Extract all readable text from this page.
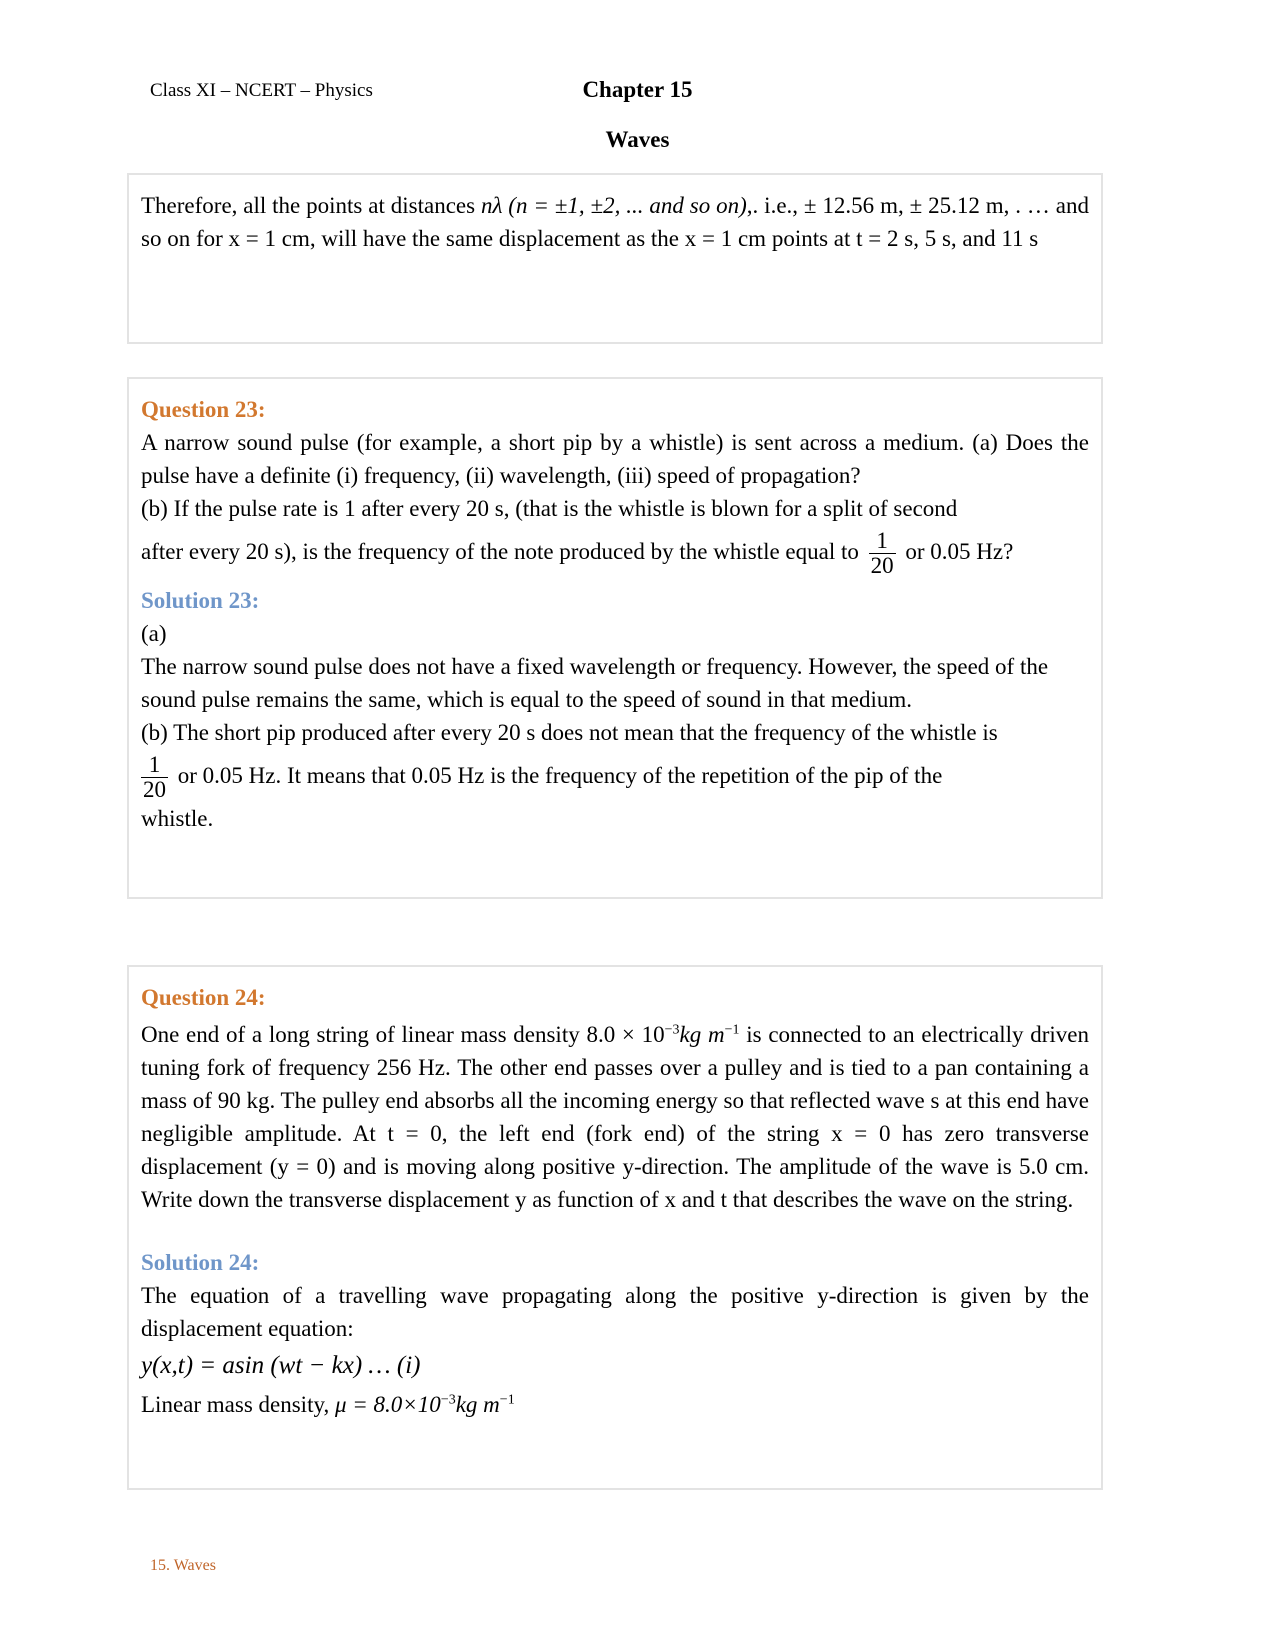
Class XI – NCERT – Physics	Chapter 15
Waves
Therefore, all the points at distances nλ (n = ±1, ±2, ... and so on),. i.e., ± 12.56 m, ± 25.12 m, . … and so on for x = 1 cm, will have the same displacement as the x = 1 cm points at t = 2 s, 5 s, and 11 s
Question 23:
A narrow sound pulse (for example, a short pip by a whistle) is sent across a medium. (a) Does the pulse have a definite (i) frequency, (ii) wavelength, (iii) speed of propagation?
(b) If the pulse rate is 1 after every 20 s, (that is the whistle is blown for a split of second
after every 20 s), is the frequency of the note produced by the whistle equal to $\frac{1}{20}$ or 0.05 Hz?
Solution 23:
(a)
The narrow sound pulse does not have a fixed wavelength or frequency. However, the speed of the sound pulse remains the same, which is equal to the speed of sound in that medium.
(b) The short pip produced after every 20 s does not mean that the frequency of the whistle is
$\frac{1}{20}$ or 0.05 Hz. It means that 0.05 Hz is the frequency of the repetition of the pip of the
whistle.
Question 24:
One end of a long string of linear mass density $8.0 \times 10^{-3}kg$ $m^{-1}$ is connected to an electrically driven tuning fork of frequency 256 Hz. The other end passes over a pulley and is tied to a pan containing a mass of 90 kg. The pulley end absorbs all the incoming energy so that reflected wave s at this end have negligible amplitude. At t = 0, the left end (fork end) of the string x = 0 has zero transverse displacement (y = 0) and is moving along positive y-direction. The amplitude of the wave is 5.0 cm. Write down the transverse displacement y as function of x and t that describes the wave on the string.
Solution 24:
The equation of a travelling wave propagating along the positive y-direction is given by the displacement equation:
y(x,t) = asin (wt − kx) … (i)
Linear mass density, $\mu = 8.0\times 10^{-3}kg$ $m^{-1}$
15. Waves
